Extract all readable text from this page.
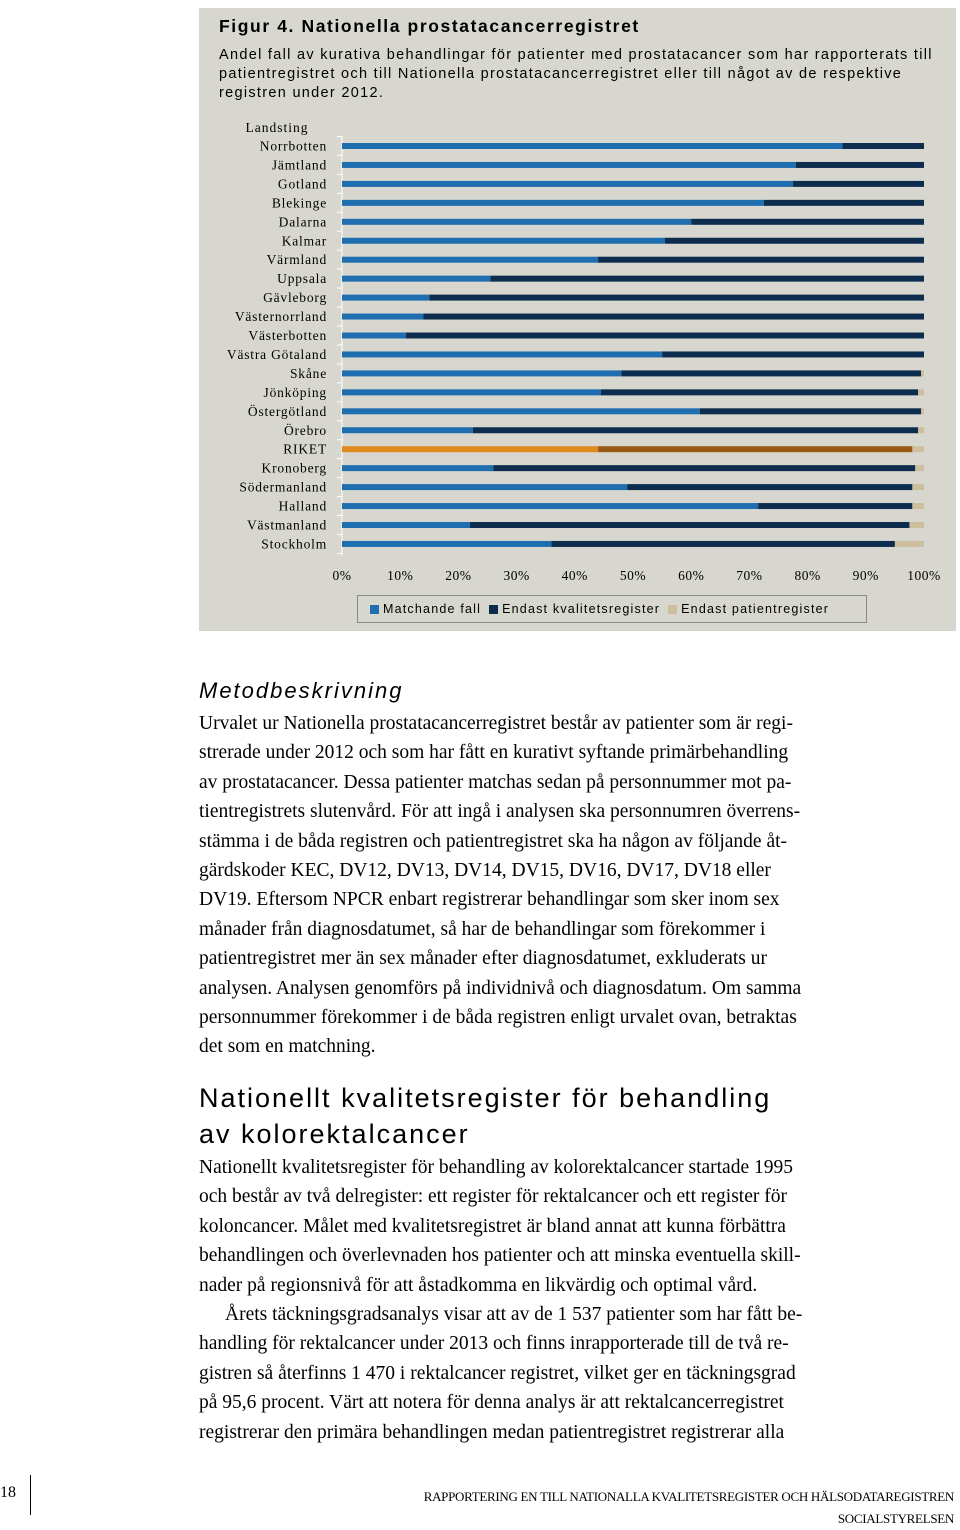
Figur 4. Nationella prostatacancerregistret
Andel fall av kurativa behandlingar för patienter med prostatacancer som har rapporterats till patientregistret och till Nationella prostatacancerregistret eller till något av de respektive registren under 2012.
Landsting
Norrbotten
Jämtland
Gotland
Blekinge
Dalarna
Kalmar
Värmland
Uppsala
Gävleborg
Västernorrland
Västerbotten
Västra Götaland
Skåne
Jönköping
Östergötland
Örebro
RIKET
Kronoberg
Södermanland
Halland
Västmanland
Stockholm
0%	10% 20% 30% 40% 50% 60% 70% 80% 90% 100%
Matchande fall Endast kvalitetsregister Endast patientregister
Metodbeskrivning
Urvalet ur Nationella prostatacancerregistret består av patienter som är regi-
strerade under 2012 och som har fått en kurativt syftande primärbehandling
av prostatacancer. Dessa patienter matchas sedan på personnummer mot pa-
tientregistrets slutenvård. För att ingå i analysen ska personnumren överrens-
stämma i de båda registren och patientregistret ska ha någon av följande åt-
gärdskoder KEC, DV12, DV13, DV14, DV15, DV16, DV17, DV18 eller
DV19. Eftersom NPCR enbart registrerar behandlingar som sker inom sex
månader från diagnosdatumet, så har de behandlingar som förekommer i
patientregistret mer än sex månader efter diagnosdatumet, exkluderats ur
analysen. Analysen genomförs på individnivå och diagnosdatum. Om samma
personnummer förekommer i de båda registren enligt urvalet ovan, betraktas
det som en matchning.
Nationellt kvalitetsregister för behandling
av kolorektalcancer
Nationellt kvalitetsregister för behandling av kolorektalcancer startade 1995
och består av två delregister: ett register för rektalcancer och ett register för
koloncancer. Målet med kvalitetsregistret är bland annat att kunna förbättra
behandlingen och överlevnaden hos patienter och att minska eventuella skill-
nader på regionsnivå för att åstadkomma en likvärdig och optimal vård.
Årets täckningsgradsanalys visar att av de 1 537 patienter som har fått be-
handling för rektalcancer under 2013 och finns inrapporterade till de två re-
gistren så återfinns 1 470 i rektalcancer registret, vilket ger en täckningsgrad
på 95,6 procent. Värt att notera för denna analys är att rektalcancerregistret
registrerar den primära behandlingen medan patientregistret registrerar alla
18	RAPPORTERING EN TILL NATIONALLA KVALITETSREGISTER OCH HÄLSODATAREGISTREN
SOCIALSTYRELSEN
